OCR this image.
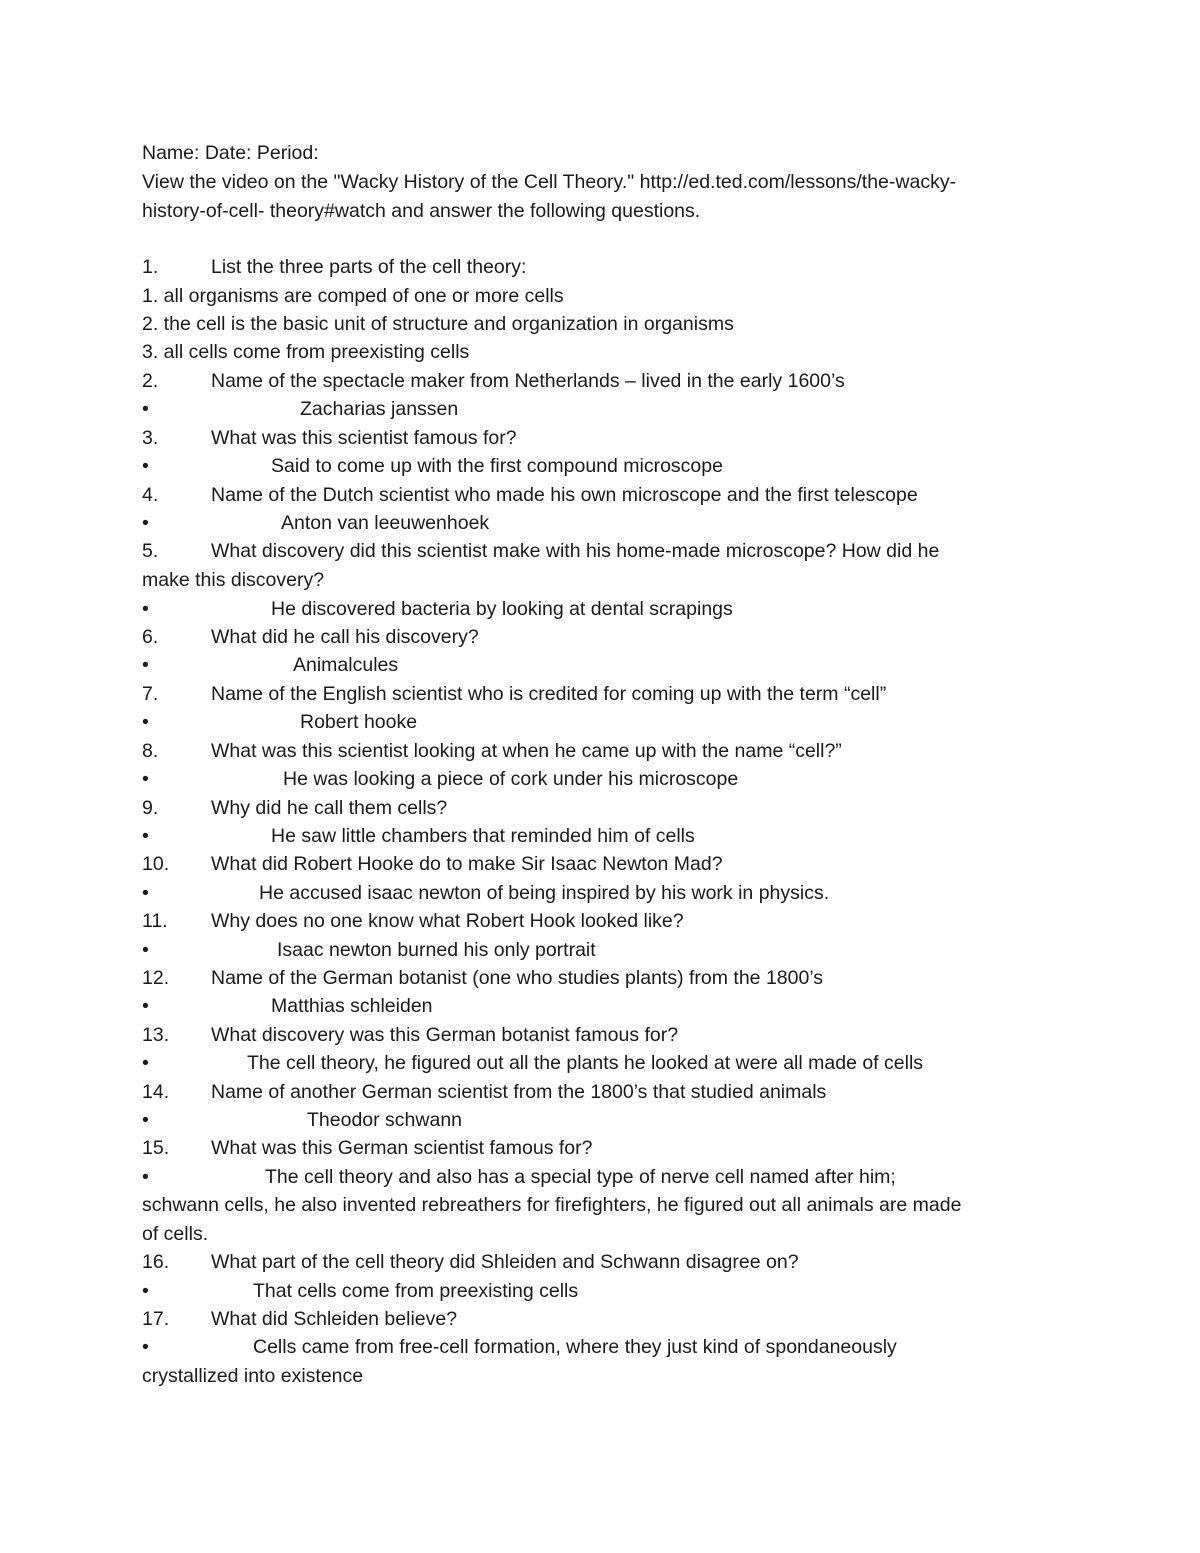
Name: Date: Period:
View the video on the "Wacky History of the Cell Theory." http://ed.ted.com/lessons/the-wacky-
history-of-cell- theory#watch and answer the following questions.
1.	List the three parts of the cell theory:
1. all organisms are comped of one or more cells
2. the cell is the basic unit of structure and organization in organisms
3. all cells come from preexisting cells
2.	Name of the spectacle maker from Netherlands – lived in the early 1600’s
•	Zacharias janssen
3.	What was this scientist famous for?
•	Said to come up with the first compound microscope
4.	Name of the Dutch scientist who made his own microscope and the first telescope
•	Anton van leeuwenhoek
5.	What discovery did this scientist make with his home-made microscope? How did he
make this discovery?
•	He discovered bacteria by looking at dental scrapings
6.	What did he call his discovery?
•	Animalcules
7.	Name of the English scientist who is credited for coming up with the term “cell”
•	Robert hooke
8.	What was this scientist looking at when he came up with the name “cell?”
•	He was looking a piece of cork under his microscope
9.	Why did he call them cells?
•	He saw little chambers that reminded him of cells
10. What did Robert Hooke do to make Sir Isaac Newton Mad?
•	He accused isaac newton of being inspired by his work in physics.
11. Why does no one know what Robert Hook looked like?
•	Isaac newton burned his only portrait
12. Name of the German botanist (one who studies plants) from the 1800’s
•	Matthias schleiden
13. What discovery was this German botanist famous for?
•	The cell theory, he figured out all the plants he looked at were all made of cells
14. Name of another German scientist from the 1800’s that studied animals
•	Theodor schwann
15. What was this German scientist famous for?
•	The cell theory and also has a special type of nerve cell named after him;
schwann cells, he also invented rebreathers for firefighters, he figured out all animals are made
of cells.
16. What part of the cell theory did Shleiden and Schwann disagree on?
•	That cells come from preexisting cells
17. What did Schleiden believe?
•	Cells came from free-cell formation, where they just kind of spondaneously
crystallized into existence
